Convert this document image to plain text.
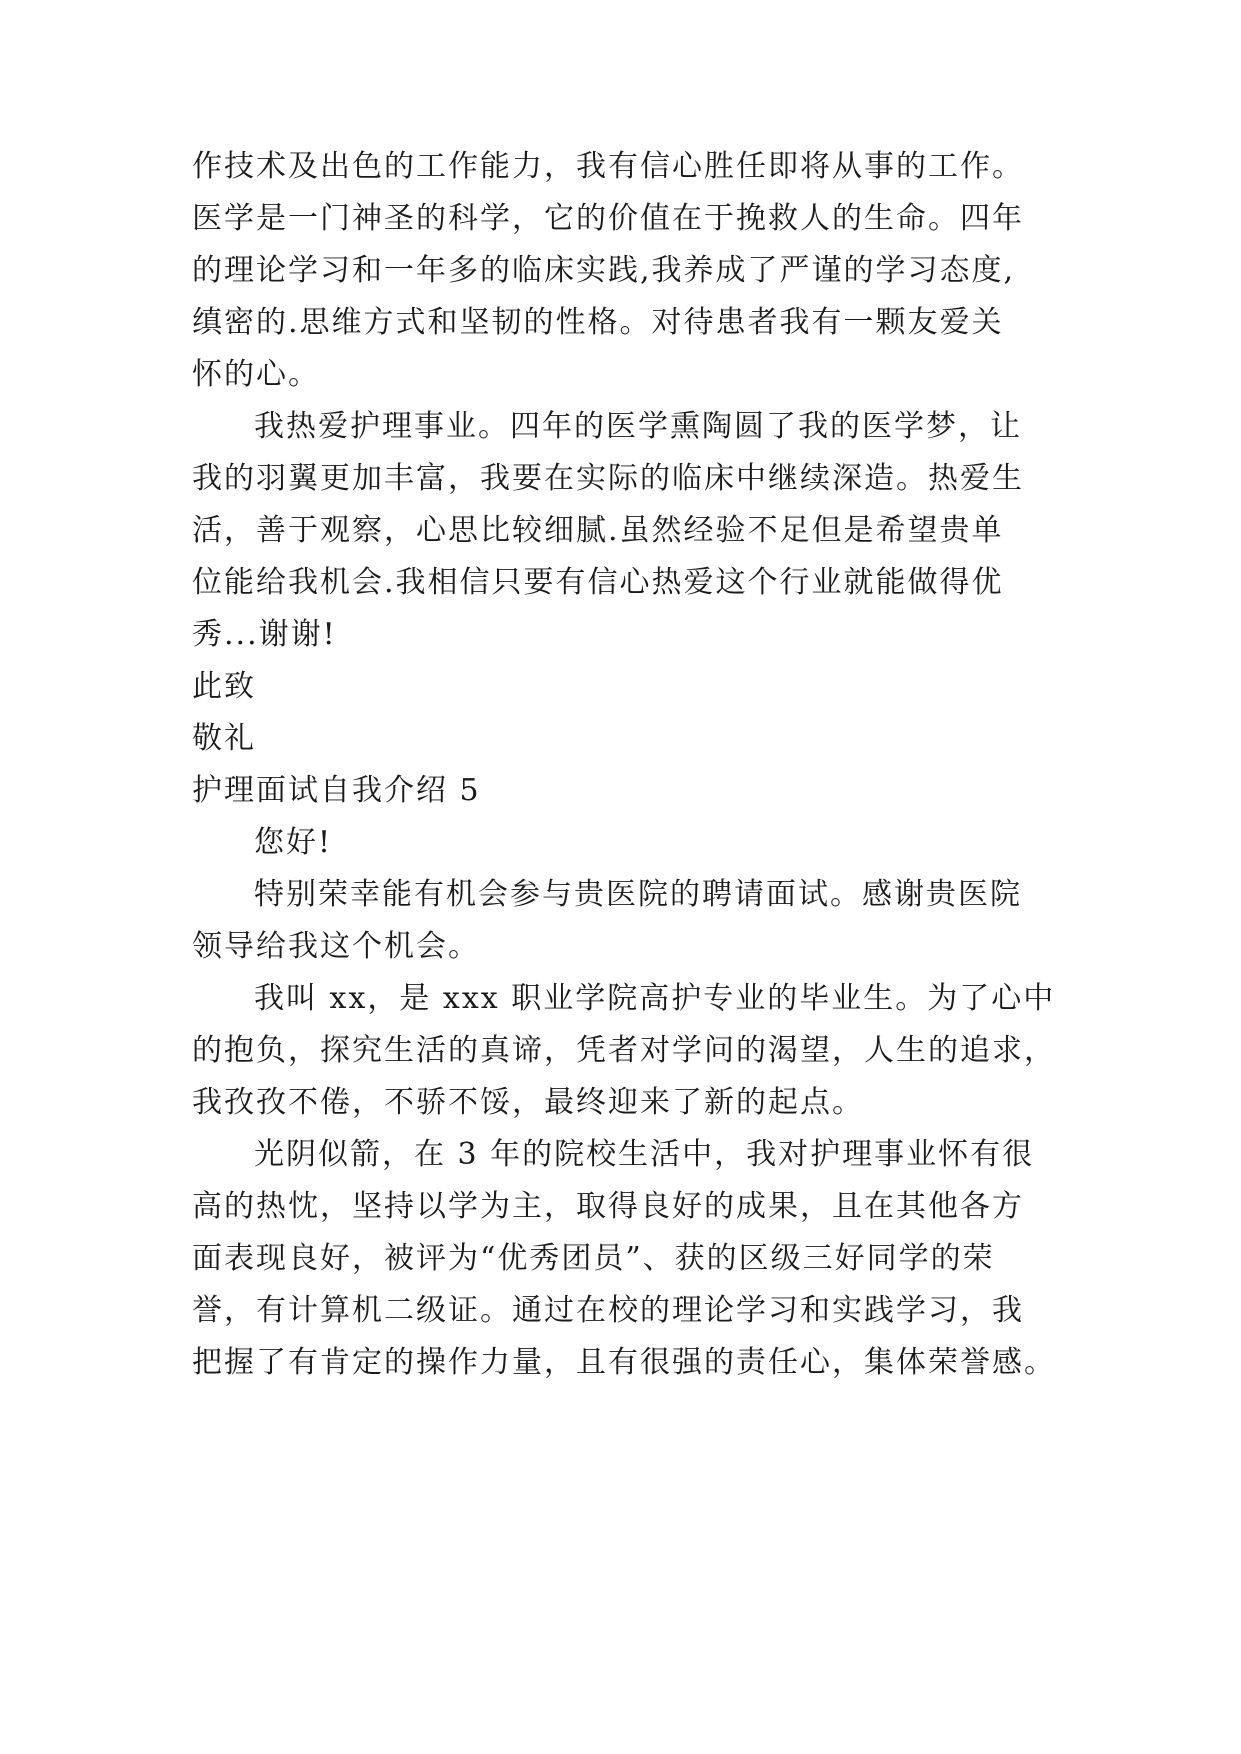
作技术及出色的工作能力，我有信心胜任即将从事的工作。
医学是一门神圣的科学，它的价值在于挽救人的生命。四年
的理论学习和一年多的临床实践,我养成了严谨的学习态度,
缜密的.思维方式和坚韧的性格。对待患者我有一颗友爱关
怀的心。
我热爱护理事业。四年的医学熏陶圆了我的医学梦，让
我的羽翼更加丰富，我要在实际的临床中继续深造。热爱生
活，善于观察，心思比较细腻.虽然经验不足但是希望贵单
位能给我机会.我相信只要有信心热爱这个行业就能做得优
秀...谢谢!
此致
敬礼
护理面试自我介绍 5
您好!
特别荣幸能有机会参与贵医院的聘请面试。感谢贵医院
领导给我这个机会。
我叫 xx，是 xxx 职业学院高护专业的毕业生。为了心中
的抱负，探究生活的真谛，凭者对学问的渴望，人生的追求，
我孜孜不倦，不骄不馁，最终迎来了新的起点。
光阴似箭，在 3 年的院校生活中，我对护理事业怀有很
高的热忱，坚持以学为主，取得良好的成果，且在其他各方
面表现良好，被评为“优秀团员”、获的区级三好同学的荣
誉，有计算机二级证。通过在校的理论学习和实践学习，我
把握了有肯定的操作力量，且有很强的责任心，集体荣誉感。
